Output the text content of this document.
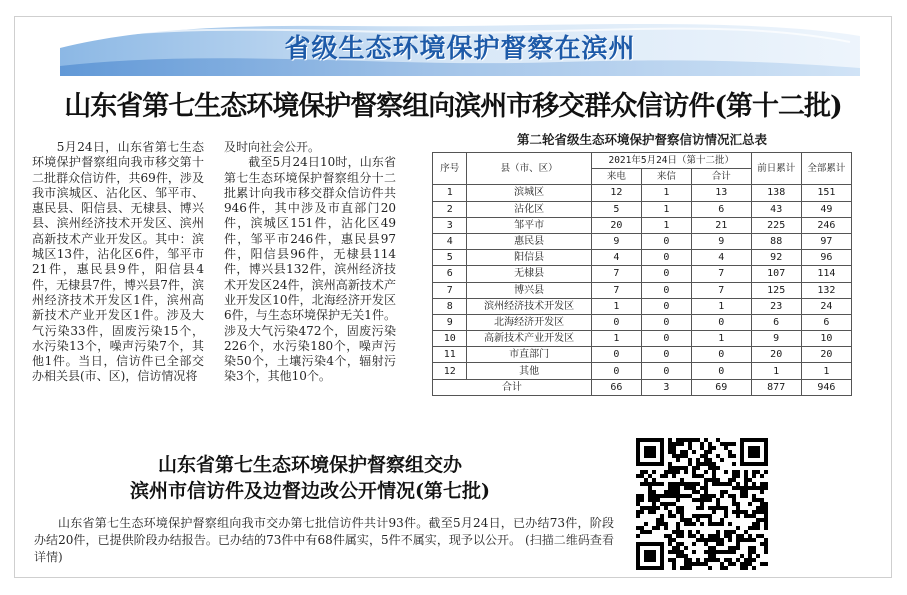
省级生态环境保护督察在滨州
山东省第七生态环境保护督察组向滨州市移交群众信访件(第十二批)
　　5月24日，山东省第七生态环境保护督察组向我市移交第十二批群众信访件，共69件，涉及我市滨城区、沾化区、邹平市、惠民县、阳信县、无棣县、博兴县、滨州经济技术开发区、滨州高新技术产业开发区。其中：滨城区13件，沾化区6件，邹平市21件，惠民县9件，阳信县4件，无棣县7件，博兴县7件，滨州经济技术开发区1件，滨州高新技术产业开发区1件。涉及大气污染33件，固废污染15个，水污染13个，噪声污染7个，其他1件。当日，信访件已全部交办相关县(市、区)，信访情况将
及时向社会公开。
　　截至5月24日10时，山东省第七生态环境保护督察组分十二批累计向我市移交群众信访件共946件，其中涉及市直部门20件，滨城区151件，沾化区49件，邹平市246件，惠民县97件，阳信县96件，无棣县114件，博兴县132件，滨州经济技术开发区24件，滨州高新技术产业开发区10件，北海经济开发区6件，与生态环境保护无关1件。涉及大气污染472个，固废污染226个，水污染180个，噪声污染50个，土壤污染4个，辐射污染3个，其他10个。
第二轮省级生态环境保护督察信访情况汇总表
序号	县（市、区）	2021年5月24日（第十二批）			前日累计	全部累计
		来电	来信	合计		
1	滨城区	12	1	13	138	151
2	沾化区	5	1	6	43	49
3	邹平市	20	1	21	225	246
4	惠民县	9	0	9	88	97
5	阳信县	4	0	4	92	96
6	无棣县	7	0	7	107	114
7	博兴县	7	0	7	125	132
8	滨州经济技术开发区	1	0	1	23	24
9	北海经济开发区	0	0	0	6	6
10	高新技术产业开发区	1	0	1	9	10
11	市直部门	0	0	0	20	20
12	其他	0	0	0	1	1
合计		66	3	69	877	946
山东省第七生态环境保护督察组交办
滨州市信访件及边督边改公开情况(第七批)
山东省第七生态环境保护督察组向我市交办第七批信访件共计93件。截至5月24日，已办结73件，阶段办结20件，已提供阶段办结报告。已办结的73件中有68件属实，5件不属实，现予以公开。 (扫描二维码查看详情)
